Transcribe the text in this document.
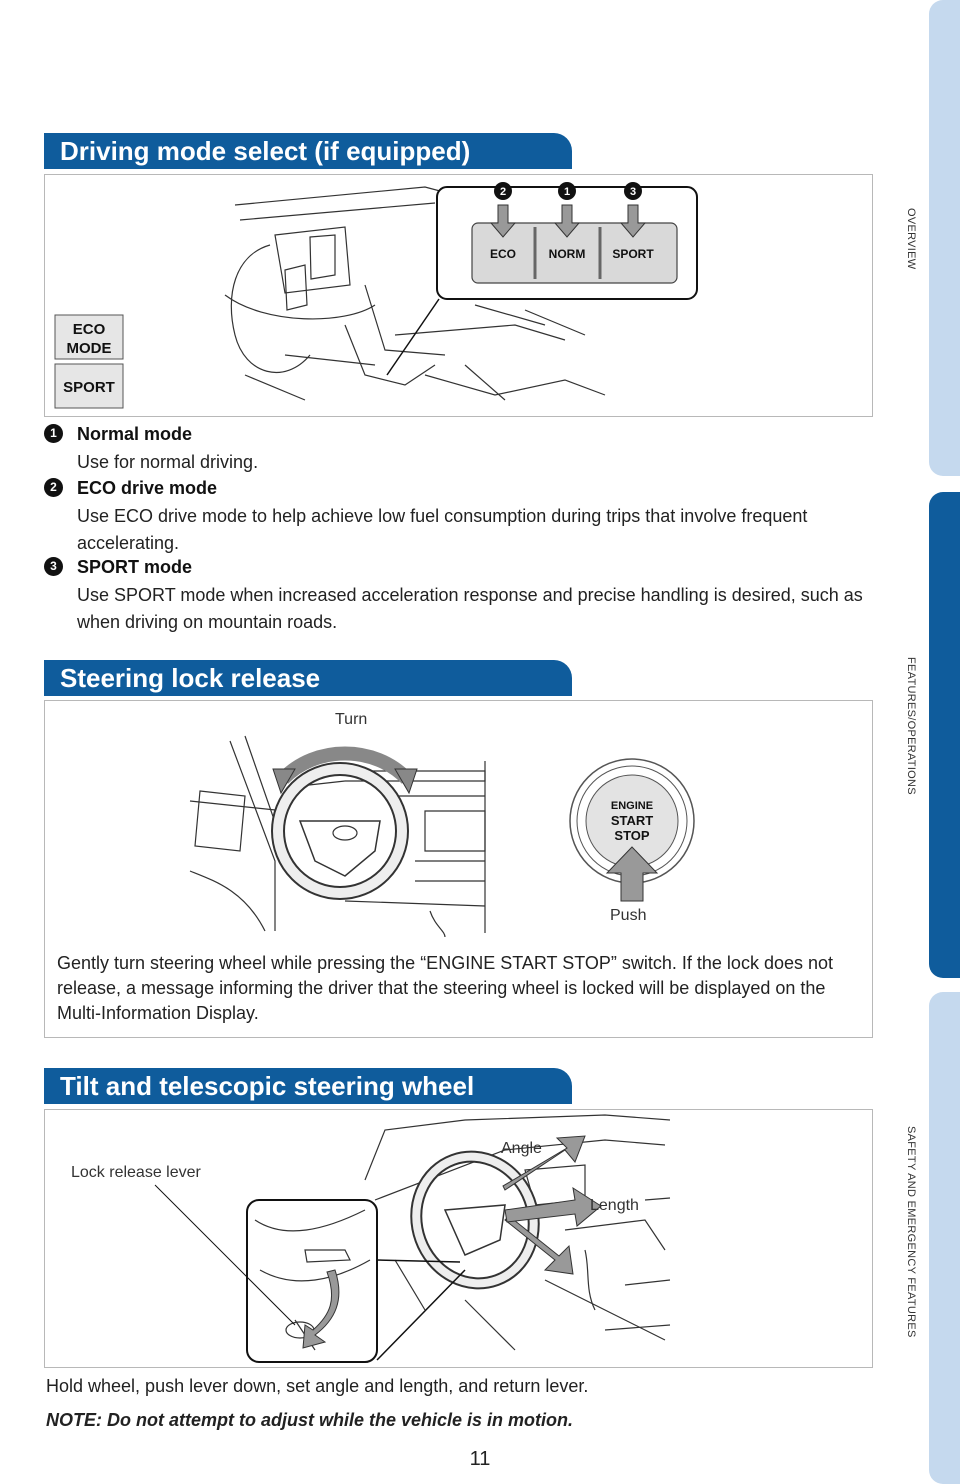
OVERVIEW
FEATURES/OPERATIONS
SAFETY AND EMERGENCY FEATURES
Driving mode select (if equipped)
ECO	NORM SPORT
2	1	3
ECO
MODE
SPORT
1	Normal mode
Use for normal driving.
2	ECO drive mode
Use ECO drive mode to help achieve low fuel consumption during trips that involve frequent accelerating.
3	SPORT mode
Use SPORT mode when increased acceleration response and precise handling is desired, such as when driving on mountain roads.
Steering lock release
ENGINE
START
STOP
Turn
Push
Gently turn steering wheel while pressing the “ENGINE START STOP” switch. If the lock does not release, a message informing the driver that the steering wheel is locked will be displayed on the Multi-Information Display.
Tilt and telescopic steering wheel
Lock release lever
Angle
Length
Hold wheel, push lever down, set angle and length, and return lever.
NOTE: Do not attempt to adjust while the vehicle is in motion.
11
